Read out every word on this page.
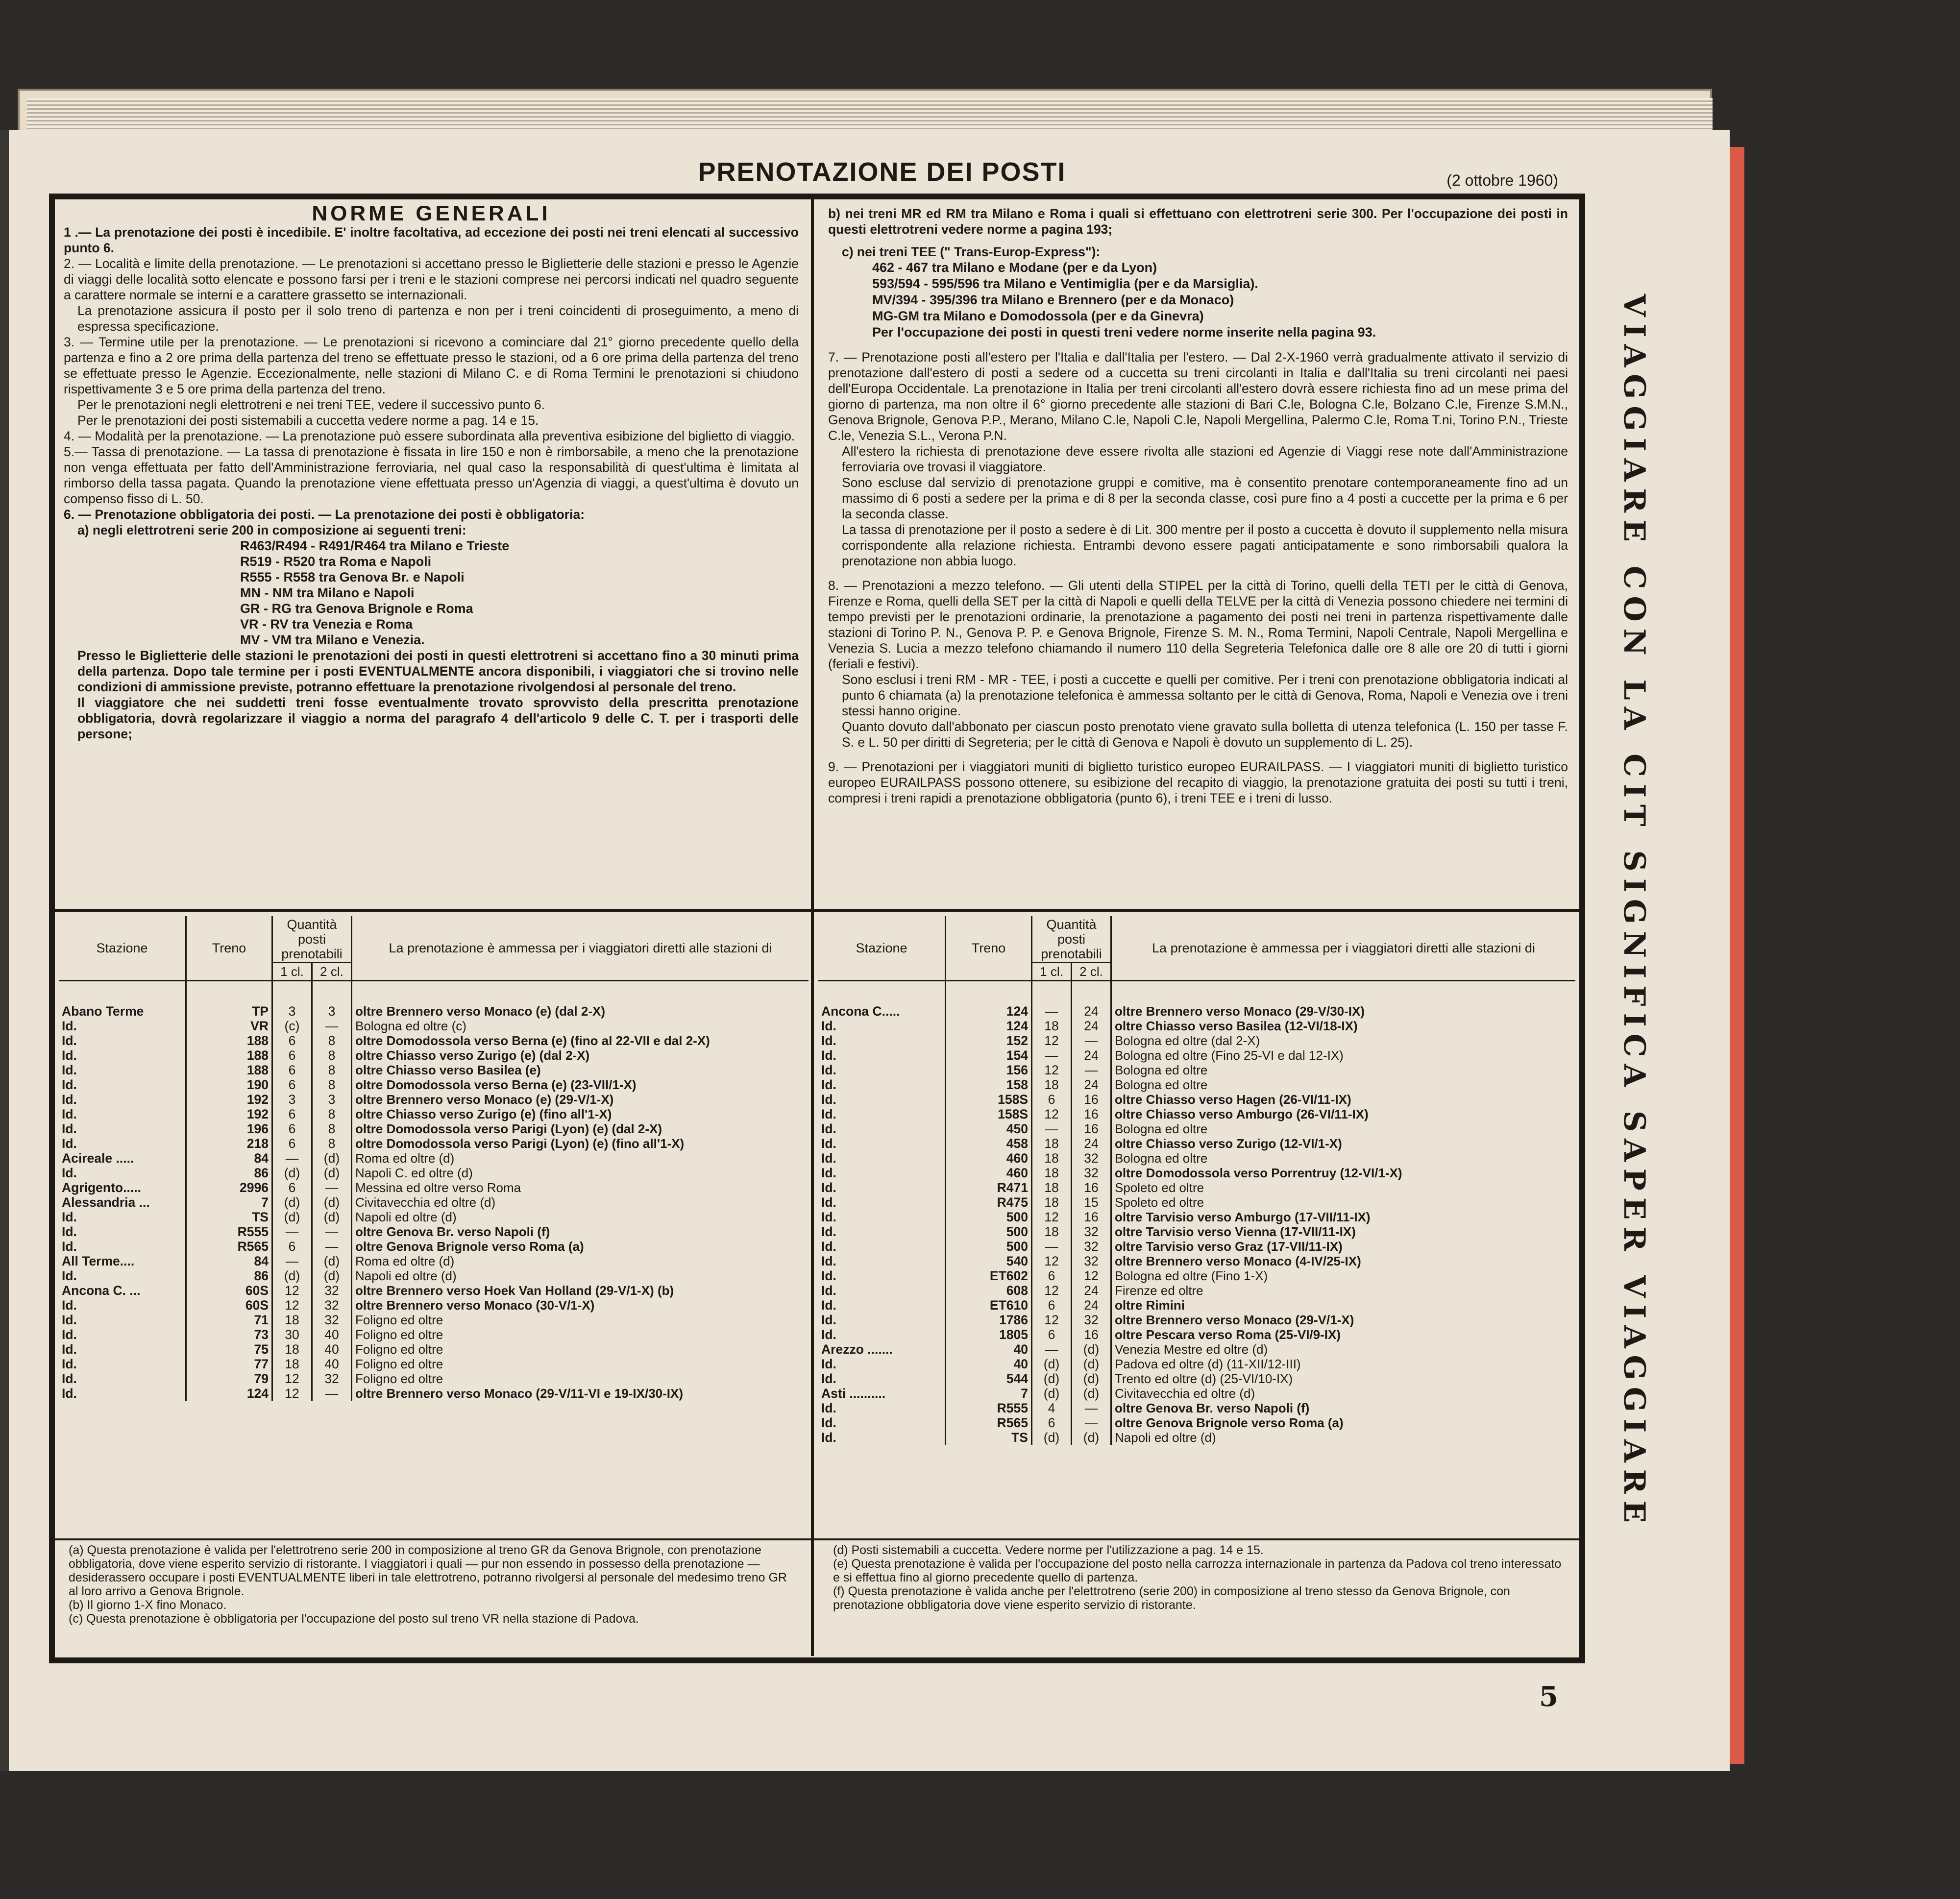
PRENOTAZIONE DEI POSTI	(2 ottobre 1960)
NORME GENERALI

1 .— La prenotazione dei posti è incedibile. E' inoltre facoltativa, ad eccezione dei posti nei treni elencati al successivo punto 6.

2. — Località e limite della prenotazione. — Le prenotazioni si accettano presso le Biglietterie delle stazioni e presso le Agenzie di viaggi delle località sotto elencate e possono farsi per i treni e le stazioni comprese nei percorsi indicati nel quadro seguente a carattere normale se interni e a carattere grassetto se internazionali.

La prenotazione assicura il posto per il solo treno di partenza e non per i treni coincidenti di proseguimento, a meno di espressa specificazione.

3. — Termine utile per la prenotazione. — Le prenotazioni si ricevono a cominciare dal 21° giorno precedente quello della partenza e fino a 2 ore prima della partenza del treno se effettuate presso le stazioni, od a 6 ore prima della partenza del treno se effettuate presso le Agenzie. Eccezionalmente, nelle stazioni di Milano C. e di Roma Termini le prenotazioni si chiudono rispettivamente 3 e 5 ore prima della partenza del treno.

Per le prenotazioni negli elettrotreni e nei treni TEE, vedere il successivo punto 6.

Per le prenotazioni dei posti sistemabili a cuccetta vedere norme a pag. 14 e 15.

4. — Modalità per la prenotazione. — La prenotazione può essere subordinata alla preventiva esibizione del biglietto di viaggio.

5.— Tassa di prenotazione. — La tassa di prenotazione è fissata in lire 150 e non è rimborsabile, a meno che la prenotazione non venga effettuata per fatto dell'Amministrazione ferroviaria, nel qual caso la responsabilità di quest'ultima è limitata al rimborso della tassa pagata. Quando la prenotazione viene effettuata presso un'Agenzia di viaggi, a quest'ultima è dovuto un compenso fisso di L. 50.

6. — Prenotazione obbligatoria dei posti. — La prenotazione dei posti è obbligatoria:

a) negli elettrotreni serie 200 in composizione ai seguenti treni:

R463/R494 - R491/R464 tra Milano e Trieste
R519 - R520 tra Roma e Napoli
R555 - R558 tra Genova Br. e Napoli
MN - NM tra Milano e Napoli
GR - RG tra Genova Brignole e Roma
VR - RV tra Venezia e Roma
MV - VM tra Milano e Venezia.

Presso le Biglietterie delle stazioni le prenotazioni dei posti in questi elettrotreni si accettano fino a 30 minuti prima della partenza. Dopo tale termine per i posti EVENTUALMENTE ancora disponibili, i viaggiatori che si trovino nelle condizioni di ammissione previste, potranno effettuare la prenotazione rivolgendosi al personale del treno.

Il viaggiatore che nei suddetti treni fosse eventualmente trovato sprovvisto della prescritta prenotazione obbligatoria, dovrà regolarizzare il viaggio a norma del paragrafo 4 dell'articolo 9 delle C. T. per i trasporti delle persone;

b) nei treni MR ed RM tra Milano e Roma i quali si effettuano con elettrotreni serie 300. Per l'occupazione dei posti in questi elettrotreni vedere norme a pagina 193;

c) nei treni TEE (" Trans-Europ-Express"):

462 - 467 tra Milano e Modane (per e da Lyon)
593/594 - 595/596 tra Milano e Ventimiglia (per e da Marsiglia).
MV/394 - 395/396 tra Milano e Brennero (per e da Monaco)
MG-GM tra Milano e Domodossola (per e da Ginevra)
Per l'occupazione dei posti in questi treni vedere norme inserite nella pagina 93.

7. — Prenotazione posti all'estero per l'Italia e dall'Italia per l'estero. — Dal 2-X-1960 verrà gradualmente attivato il servizio di prenotazione dall'estero di posti a sedere od a cuccetta su treni circolanti in Italia e dall'Italia su treni circolanti nei paesi dell'Europa Occidentale. La prenotazione in Italia per treni circolanti all'estero dovrà essere richiesta fino ad un mese prima del giorno di partenza, ma non oltre il 6° giorno precedente alle stazioni di Bari C.le, Bologna C.le, Bolzano C.le, Firenze S.M.N., Genova Brignole, Genova P.P., Merano, Milano C.le, Napoli C.le, Napoli Mergellina, Palermo C.le, Roma T.ni, Torino P.N., Trieste C.le, Venezia S.L., Verona P.N.

All'estero la richiesta di prenotazione deve essere rivolta alle stazioni ed Agenzie di Viaggi rese note dall'Amministrazione ferroviaria ove trovasi il viaggiatore.

Sono escluse dal servizio di prenotazione gruppi e comitive, ma è consentito prenotare contemporaneamente fino ad un massimo di 6 posti a sedere per la prima e di 8 per la seconda classe, così pure fino a 4 posti a cuccette per la prima e 6 per la seconda classe.

La tassa di prenotazione per il posto a sedere è di Lit. 300 mentre per il posto a cuccetta è dovuto il supplemento nella misura corrispondente alla relazione richiesta. Entrambi devono essere pagati anticipatamente e sono rimborsabili qualora la prenotazione non abbia luogo.

8. — Prenotazioni a mezzo telefono. — Gli utenti della STIPEL per la città di Torino, quelli della TETI per le città di Genova, Firenze e Roma, quelli della SET per la città di Napoli e quelli della TELVE per la città di Venezia possono chiedere nei termini di tempo previsti per le prenotazioni ordinarie, la prenotazione a pagamento dei posti nei treni in partenza rispettivamente dalle stazioni di Torino P. N., Genova P. P. e Genova Brignole, Firenze S. M. N., Roma Termini, Napoli Centrale, Napoli Mergellina e Venezia S. Lucia a mezzo telefono chiamando il numero 110 della Segreteria Telefonica dalle ore 8 alle ore 20 di tutti i giorni (feriali e festivi).

Sono esclusi i treni RM - MR - TEE, i posti a cuccette e quelli per comitive. Per i treni con prenotazione obbligatoria indicati al punto 6 chiamata (a) la prenotazione telefonica è ammessa soltanto per le città di Genova, Roma, Napoli e Venezia ove i treni stessi hanno origine.

Quanto dovuto dall'abbonato per ciascun posto prenotato viene gravato sulla bolletta di utenza telefonica (L. 150 per tasse F. S. e L. 50 per diritti di Segreteria; per le città di Genova e Napoli è dovuto un supplemento di L. 25).

9. — Prenotazioni per i viaggiatori muniti di biglietto turistico europeo EURAILPASS. — I viaggiatori muniti di biglietto turistico europeo EURAILPASS possono ottenere, su esibizione del recapito di viaggio, la prenotazione gratuita dei posti su tutti i treni, compresi i treni rapidi a prenotazione obbligatoria (punto 6), i treni TEE e i treni di lusso.

Stazione	Treno	Quantità posti prenotabili		La prenotazione è ammessa per i viaggiatori diretti alle stazioni di
		1 cl.	2 cl.	

Abano Terme	TP	3	3	oltre Brennero verso Monaco (e) (dal 2-X)
Id.	VR	(c)	—	Bologna ed oltre (c)
Id.	188	6	8	oltre Domodossola verso Berna (e) (fino al 22-VII e dal 2-X)
Id.	188	6	8	oltre Chiasso verso Zurigo (e) (dal 2-X)
Id.	188	6	8	oltre Chiasso verso Basilea (e)
Id.	190	6	8	oltre Domodossola verso Berna (e) (23-VII/1-X)
Id.	192	3	3	oltre Brennero verso Monaco (e) (29-V/1-X)
Id.	192	6	8	oltre Chiasso verso Zurigo (e) (fino all'1-X)
Id.	196	6	8	oltre Domodossola verso Parigi (Lyon) (e) (dal 2-X)
Id.	218	6	8	oltre Domodossola verso Parigi (Lyon) (e) (fino all'1-X)
Acireale .....	84	—	(d)	Roma ed oltre (d)
Id.	86	(d)	(d)	Napoli C. ed oltre (d)
Agrigento.....	2996	6	—	Messina ed oltre verso Roma
Alessandria ...	7	(d)	(d)	Civitavecchia ed oltre (d)
Id.	TS	(d)	(d)	Napoli ed oltre (d)
Id.	R555	—	—	oltre Genova Br. verso Napoli (f)
Id.	R565	6	—	oltre Genova Brignole verso Roma (a)
All Terme....	84	—	(d)	Roma ed oltre (d)
Id.	86	(d)	(d)	Napoli ed oltre (d)
Ancona C. ...	60S	12	32	oltre Brennero verso Hoek Van Holland (29-V/1-X) (b)
Id.	60S	12	32	oltre Brennero verso Monaco (30-V/1-X)
Id.	71	18	32	Foligno ed oltre
Id.	73	30	40	Foligno ed oltre
Id.	75	18	40	Foligno ed oltre
Id.	77	18	40	Foligno ed oltre
Id.	79	12	32	Foligno ed oltre
Id.	124	12	—	oltre Brennero verso Monaco (29-V/11-VI e 19-IX/30-IX)
Stazione	Treno	Quantità posti prenotabili		La prenotazione è ammessa per i viaggiatori diretti alle stazioni di
		1 cl.	2 cl.	

Ancona C.....	124	—	24	oltre Brennero verso Monaco (29-V/30-IX)
Id.	124	18	24	oltre Chiasso verso Basilea (12-VI/18-IX)
Id.	152	12	—	Bologna ed oltre (dal 2-X)
Id.	154	—	24	Bologna ed oltre (Fino 25-VI e dal 12-IX)
Id.	156	12	—	Bologna ed oltre
Id.	158	18	24	Bologna ed oltre
Id.	158S	6	16	oltre Chiasso verso Hagen (26-VI/11-IX)
Id.	158S	12	16	oltre Chiasso verso Amburgo (26-VI/11-IX)
Id.	450	—	16	Bologna ed oltre
Id.	458	18	24	oltre Chiasso verso Zurigo (12-VI/1-X)
Id.	460	18	32	Bologna ed oltre
Id.	460	18	32	oltre Domodossola verso Porrentruy (12-VI/1-X)
Id.	R471	18	16	Spoleto ed oltre
Id.	R475	18	15	Spoleto ed oltre
Id.	500	12	16	oltre Tarvisio verso Amburgo (17-VII/11-IX)
Id.	500	18	32	oltre Tarvisio verso Vienna (17-VII/11-IX)
Id.	500	—	32	oltre Tarvisio verso Graz (17-VII/11-IX)
Id.	540	12	32	oltre Brennero verso Monaco (4-IV/25-IX)
Id.	ET602	6	12	Bologna ed oltre (Fino 1-X)
Id.	608	12	24	Firenze ed oltre
Id.	ET610	6	24	oltre Rimini
Id.	1786	12	32	oltre Brennero verso Monaco (29-V/1-X)
Id.	1805	6	16	oltre Pescara verso Roma (25-VI/9-IX)
Arezzo .......	40	—	(d)	Venezia Mestre ed oltre (d)
Id.	40	(d)	(d)	Padova ed oltre (d) (11-XII/12-III)
Id.	544	(d)	(d)	Trento ed oltre (d) (25-VI/10-IX)
Asti ..........	7	(d)	(d)	Civitavecchia ed oltre (d)
Id.	R555	4	—	oltre Genova Br. verso Napoli (f)
Id.	R565	6	—	oltre Genova Brignole verso Roma (a)
Id.	TS	(d)	(d)	Napoli ed oltre (d)

(a) Questa prenotazione è valida per l'elettrotreno serie 200 in composizione al treno GR da Genova Brignole, con prenotazione obbligatoria, dove viene esperito servizio di ristorante. I viaggiatori i quali — pur non essendo in possesso della prenotazione — desiderassero occupare i posti EVENTUALMENTE liberi in tale elettrotreno, potranno rivolgersi al personale del medesimo treno GR al loro arrivo a Genova Brignole.

(b) Il giorno 1-X fino Monaco.

(c) Questa prenotazione è obbligatoria per l'occupazione del posto sul treno VR nella stazione di Padova.

(d) Posti sistemabili a cuccetta. Vedere norme per l'utilizzazione a pag. 14 e 15.

(e) Questa prenotazione è valida per l'occupazione del posto nella carrozza internazionale in partenza da Padova col treno interessato e si effettua fino al giorno precedente quello di partenza.

(f) Questa prenotazione è valida anche per l'elettrotreno (serie 200) in composizione al treno stesso da Genova Brignole, con prenotazione obbligatoria dove viene esperito servizio di ristorante.

5
VIAGGIARE CON LA CIT SIGNIFICA SAPER VIAGGIARE
